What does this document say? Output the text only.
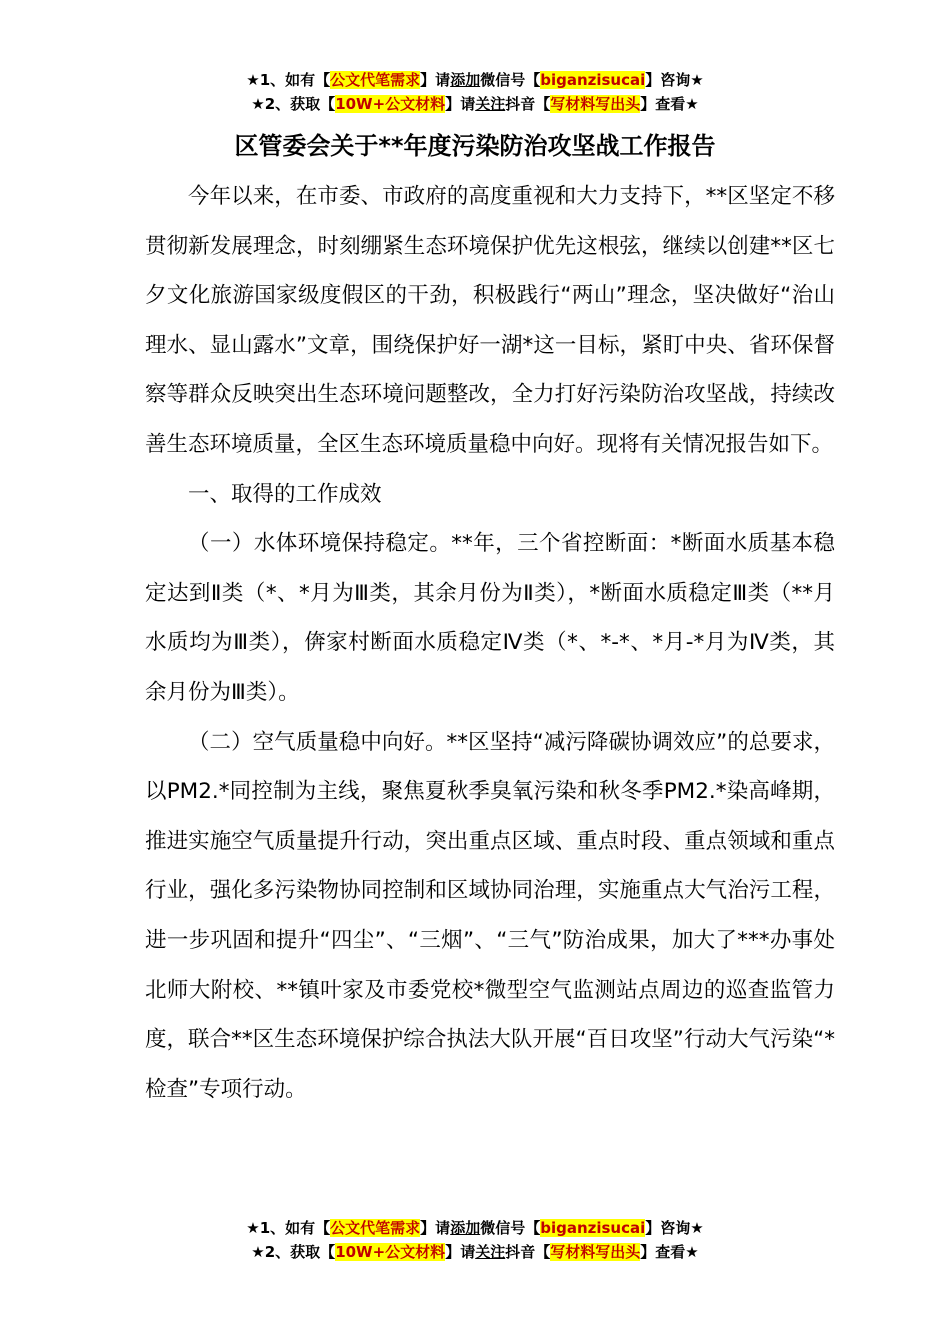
★1、如有【公文代笔需求】请添加微信号【biganzisucai】咨询★
★2、获取【10W+公文材料】请关注抖音【写材料写出头】查看★
区管委会关于**年度污染防治攻坚战工作报告

今年以来，在市委、市政府的高度重视和大力支持下，**区坚定不移贯彻新发展理念，时刻绷紧生态环境保护优先这根弦，继续以创建**区七夕文化旅游国家级度假区的干劲，积极践行“两山”理念，坚决做好“治山理水、显山露水”文章，围绕保护好一湖*这一目标，紧盯中央、省环保督察等群众反映突出生态环境问题整改，全力打好污染防治攻坚战，持续改善生态环境质量，全区生态环境质量稳中向好。现将有关情况报告如下。

一、取得的工作成效

（一）水体环境保持稳定。**年，三个省控断面：*断面水质基本稳定达到Ⅱ类（*、*月为Ⅲ类，其余月份为Ⅱ类），*断面水质稳定Ⅲ类（**月水质均为Ⅲ类），倴家村断面水质稳定Ⅳ类（*、*-*、*月-*月为Ⅳ类，其余月份为Ⅲ类）。

（二）空气质量稳中向好。**区坚持“减污降碳协调效应”的总要求，以PM2.*同控制为主线，聚焦夏秋季臭氧污染和秋冬季PM2.*染高峰期，推进实施空气质量提升行动，突出重点区域、重点时段、重点领域和重点行业，强化多污染物协同控制和区域协同治理，实施重点大气治污工程，进一步巩固和提升“四尘”、“三烟”、“三气”防治成果，加大了***办事处北师大附校、**镇叶家及市委党校*微型空气监测站点周边的巡查监管力度，联合**区生态环境保护综合执法大队开展“百日攻坚”行动大气污染“*检查”专项行动。

★1、如有【公文代笔需求】请添加微信号【biganzisucai】咨询★
★2、获取【10W+公文材料】请关注抖音【写材料写出头】查看★
